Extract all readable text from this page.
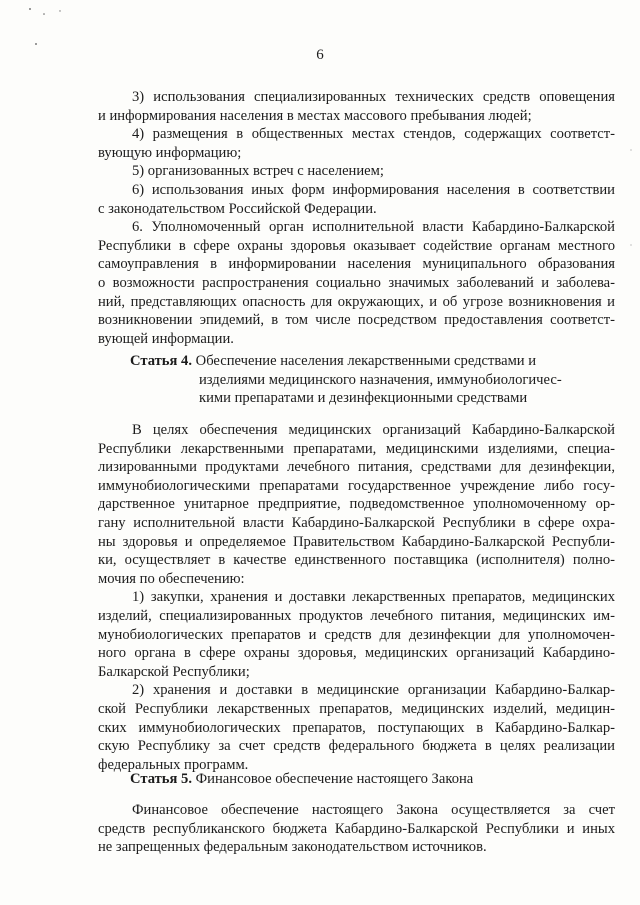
6
3) использования специализированных технических средств оповещения
и информирования населения в местах массового пребывания людей;
4) размещения в общественных местах стендов, содержащих соответст-
вующую информацию;
5) организованных встреч с населением;
6) использования иных форм информирования населения в соответствии
с законодательством Российской Федерации.
6. Уполномоченный орган исполнительной власти Кабардино-Балкарской
Республики в сфере охраны здоровья оказывает содействие органам местного
самоуправления в информировании населения муниципального образования
о возможности распространения социально значимых заболеваний и заболева-
ний, представляющих опасность для окружающих, и об угрозе возникновения и
возникновении эпидемий, в том числе посредством предоставления соответст-
вующей информации.
Статья 4. Обеспечение населения лекарственными средствами и
изделиями медицинского назначения, иммунобиологичес-
кими препаратами и дезинфекционными средствами
В целях обеспечения медицинских организаций Кабардино-Балкарской
Республики лекарственными препаратами, медицинскими изделиями, специа-
лизированными продуктами лечебного питания, средствами для дезинфекции,
иммунобиологическими препаратами государственное учреждение либо госу-
дарственное унитарное предприятие, подведомственное уполномоченному ор-
гану исполнительной власти Кабардино-Балкарской Республики в сфере охра-
ны здоровья и определяемое Правительством Кабардино-Балкарской Республи-
ки, осуществляет в качестве единственного поставщика (исполнителя) полно-
мочия по обеспечению:
1) закупки, хранения и доставки лекарственных препаратов, медицинских
изделий, специализированных продуктов лечебного питания, медицинских им-
мунобиологических препаратов и средств для дезинфекции для уполномочен-
ного органа в сфере охраны здоровья, медицинских организаций Кабардино-
Балкарской Республики;
2) хранения и доставки в медицинские организации Кабардино-Балкар-
ской Республики лекарственных препаратов, медицинских изделий, медицин-
ских иммунобиологических препаратов, поступающих в Кабардино-Балкар-
скую Республику за счет средств федерального бюджета в целях реализации
федеральных программ.
Статья 5. Финансовое обеспечение настоящего Закона
Финансовое обеспечение настоящего Закона осуществляется за счет
средств республиканского бюджета Кабардино-Балкарской Республики и иных
не запрещенных федеральным законодательством источников.
